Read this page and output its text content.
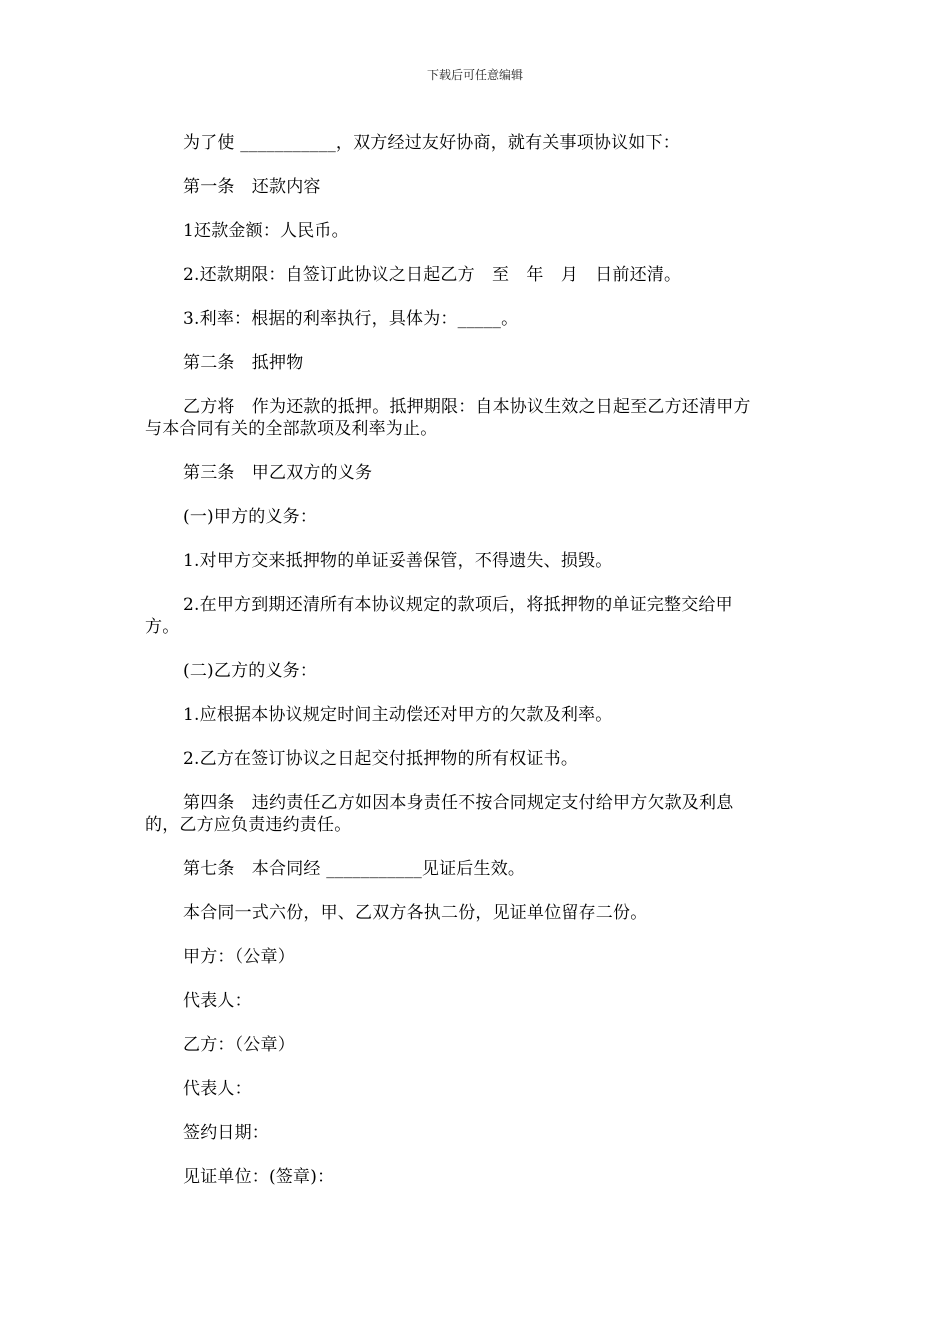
下载后可任意编辑

为了使 ___________，双方经过友好协商，就有关事项协议如下：

第一条　还款内容

1还款金额：人民币。

2.还款期限：自签订此协议之日起乙方　至　年　月　日前还清。

3.利率：根据的利率执行，具体为：_____。

第二条　抵押物

乙方将　作为还款的抵押。抵押期限：自本协议生效之日起至乙方还清甲方与本合同有关的全部款项及利率为止。

第三条　甲乙双方的义务

(一)甲方的义务：

1.对甲方交来抵押物的单证妥善保管，不得遗失、损毁。

2.在甲方到期还清所有本协议规定的款项后，将抵押物的单证完整交给甲方。

(二)乙方的义务：

1.应根据本协议规定时间主动偿还对甲方的欠款及利率。

2.乙方在签订协议之日起交付抵押物的所有权证书。

第四条　违约责任乙方如因本身责任不按合同规定支付给甲方欠款及利息的，乙方应负责违约责任。

第七条　本合同经 ___________见证后生效。

本合同一式六份，甲、乙双方各执二份，见证单位留存二份。

甲方：（公章）

代表人：

乙方：（公章）

代表人：

签约日期：

见证单位：(签章)：
